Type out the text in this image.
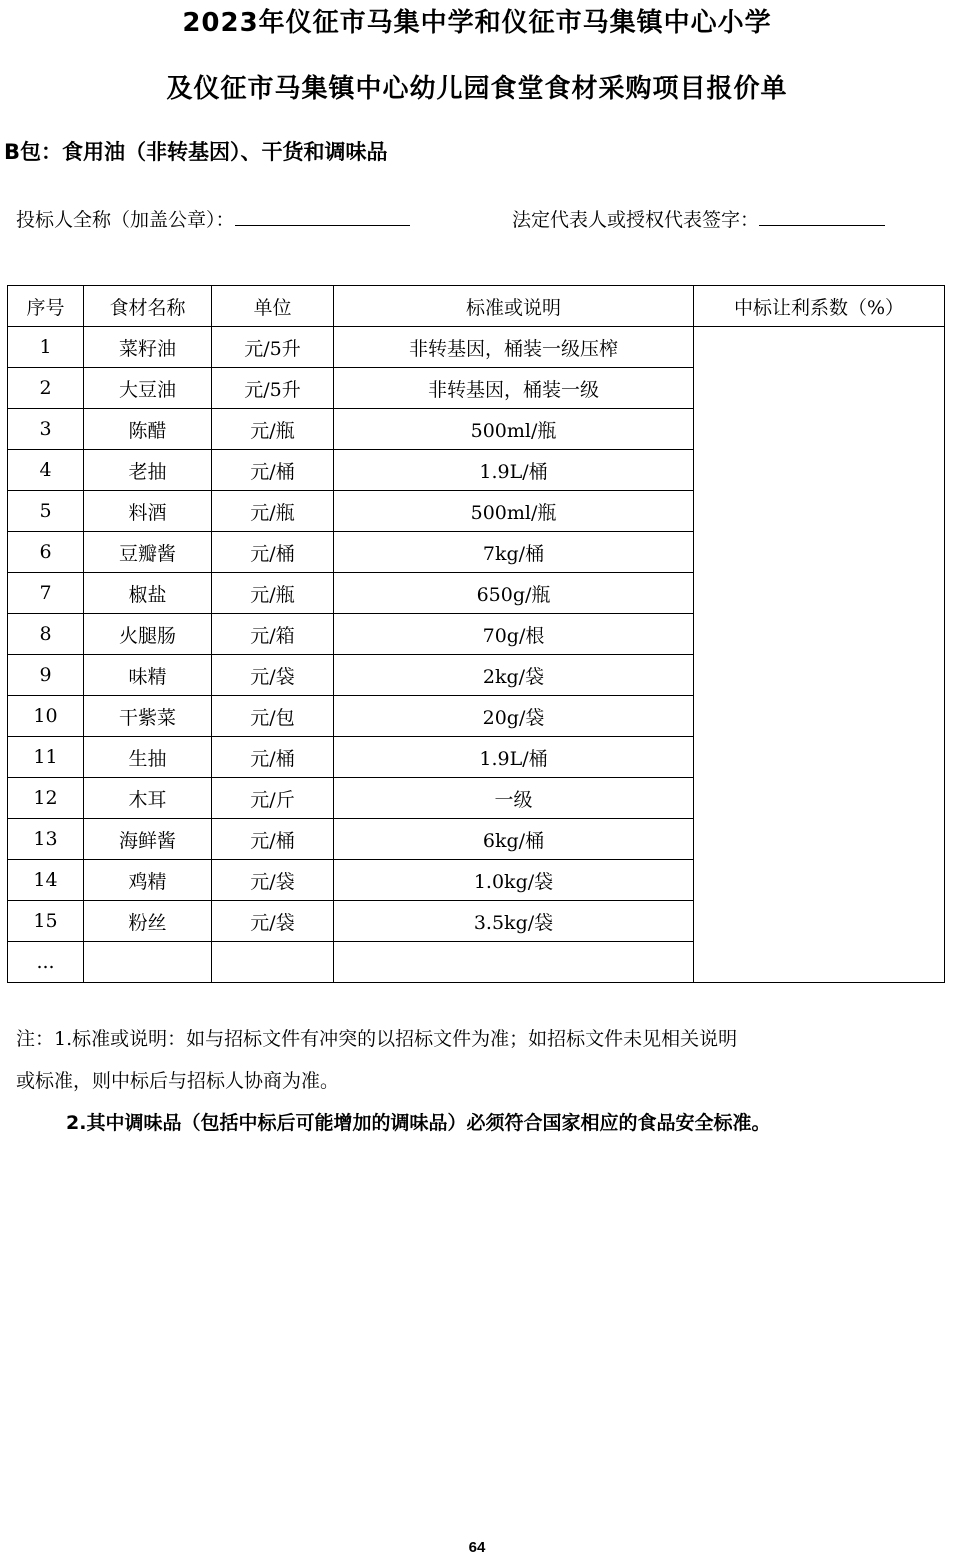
2023年仪征市马集中学和仪征市马集镇中心小学
及仪征市马集镇中心幼儿园食堂食材采购项目报价单
B包：食用油（非转基因）、干货和调味品
投标人全称（加盖公章）：	法定代表人或授权代表签字：
序号	食材名称	单位	标准或说明	中标让利系数（%）
1	菜籽油	元/5升	非转基因，桶装一级压榨	
2	大豆油	元/5升	非转基因，桶装一级	
3	陈醋	元/瓶	500ml/瓶	
4	老抽	元/桶	1.9L/桶	
5	料酒	元/瓶	500ml/瓶	
6	豆瓣酱	元/桶	7kg/桶	
7	椒盐	元/瓶	650g/瓶	
8	火腿肠	元/箱	70g/根	
9	味精	元/袋	2kg/袋	
10	干紫菜	元/包	20g/袋	
11	生抽	元/桶	1.9L/桶	
12	木耳	元/斤	一级	
13	海鲜酱	元/桶	6kg/桶	
14	鸡精	元/袋	1.0kg/袋	
15	粉丝	元/袋	3.5kg/袋	
...				
注：1.标准或说明：如与招标文件有冲突的以招标文件为准；如招标文件未见相关说明
或标准，则中标后与招标人协商为准。
2.其中调味品（包括中标后可能增加的调味品）必须符合国家相应的食品安全标准。
64
